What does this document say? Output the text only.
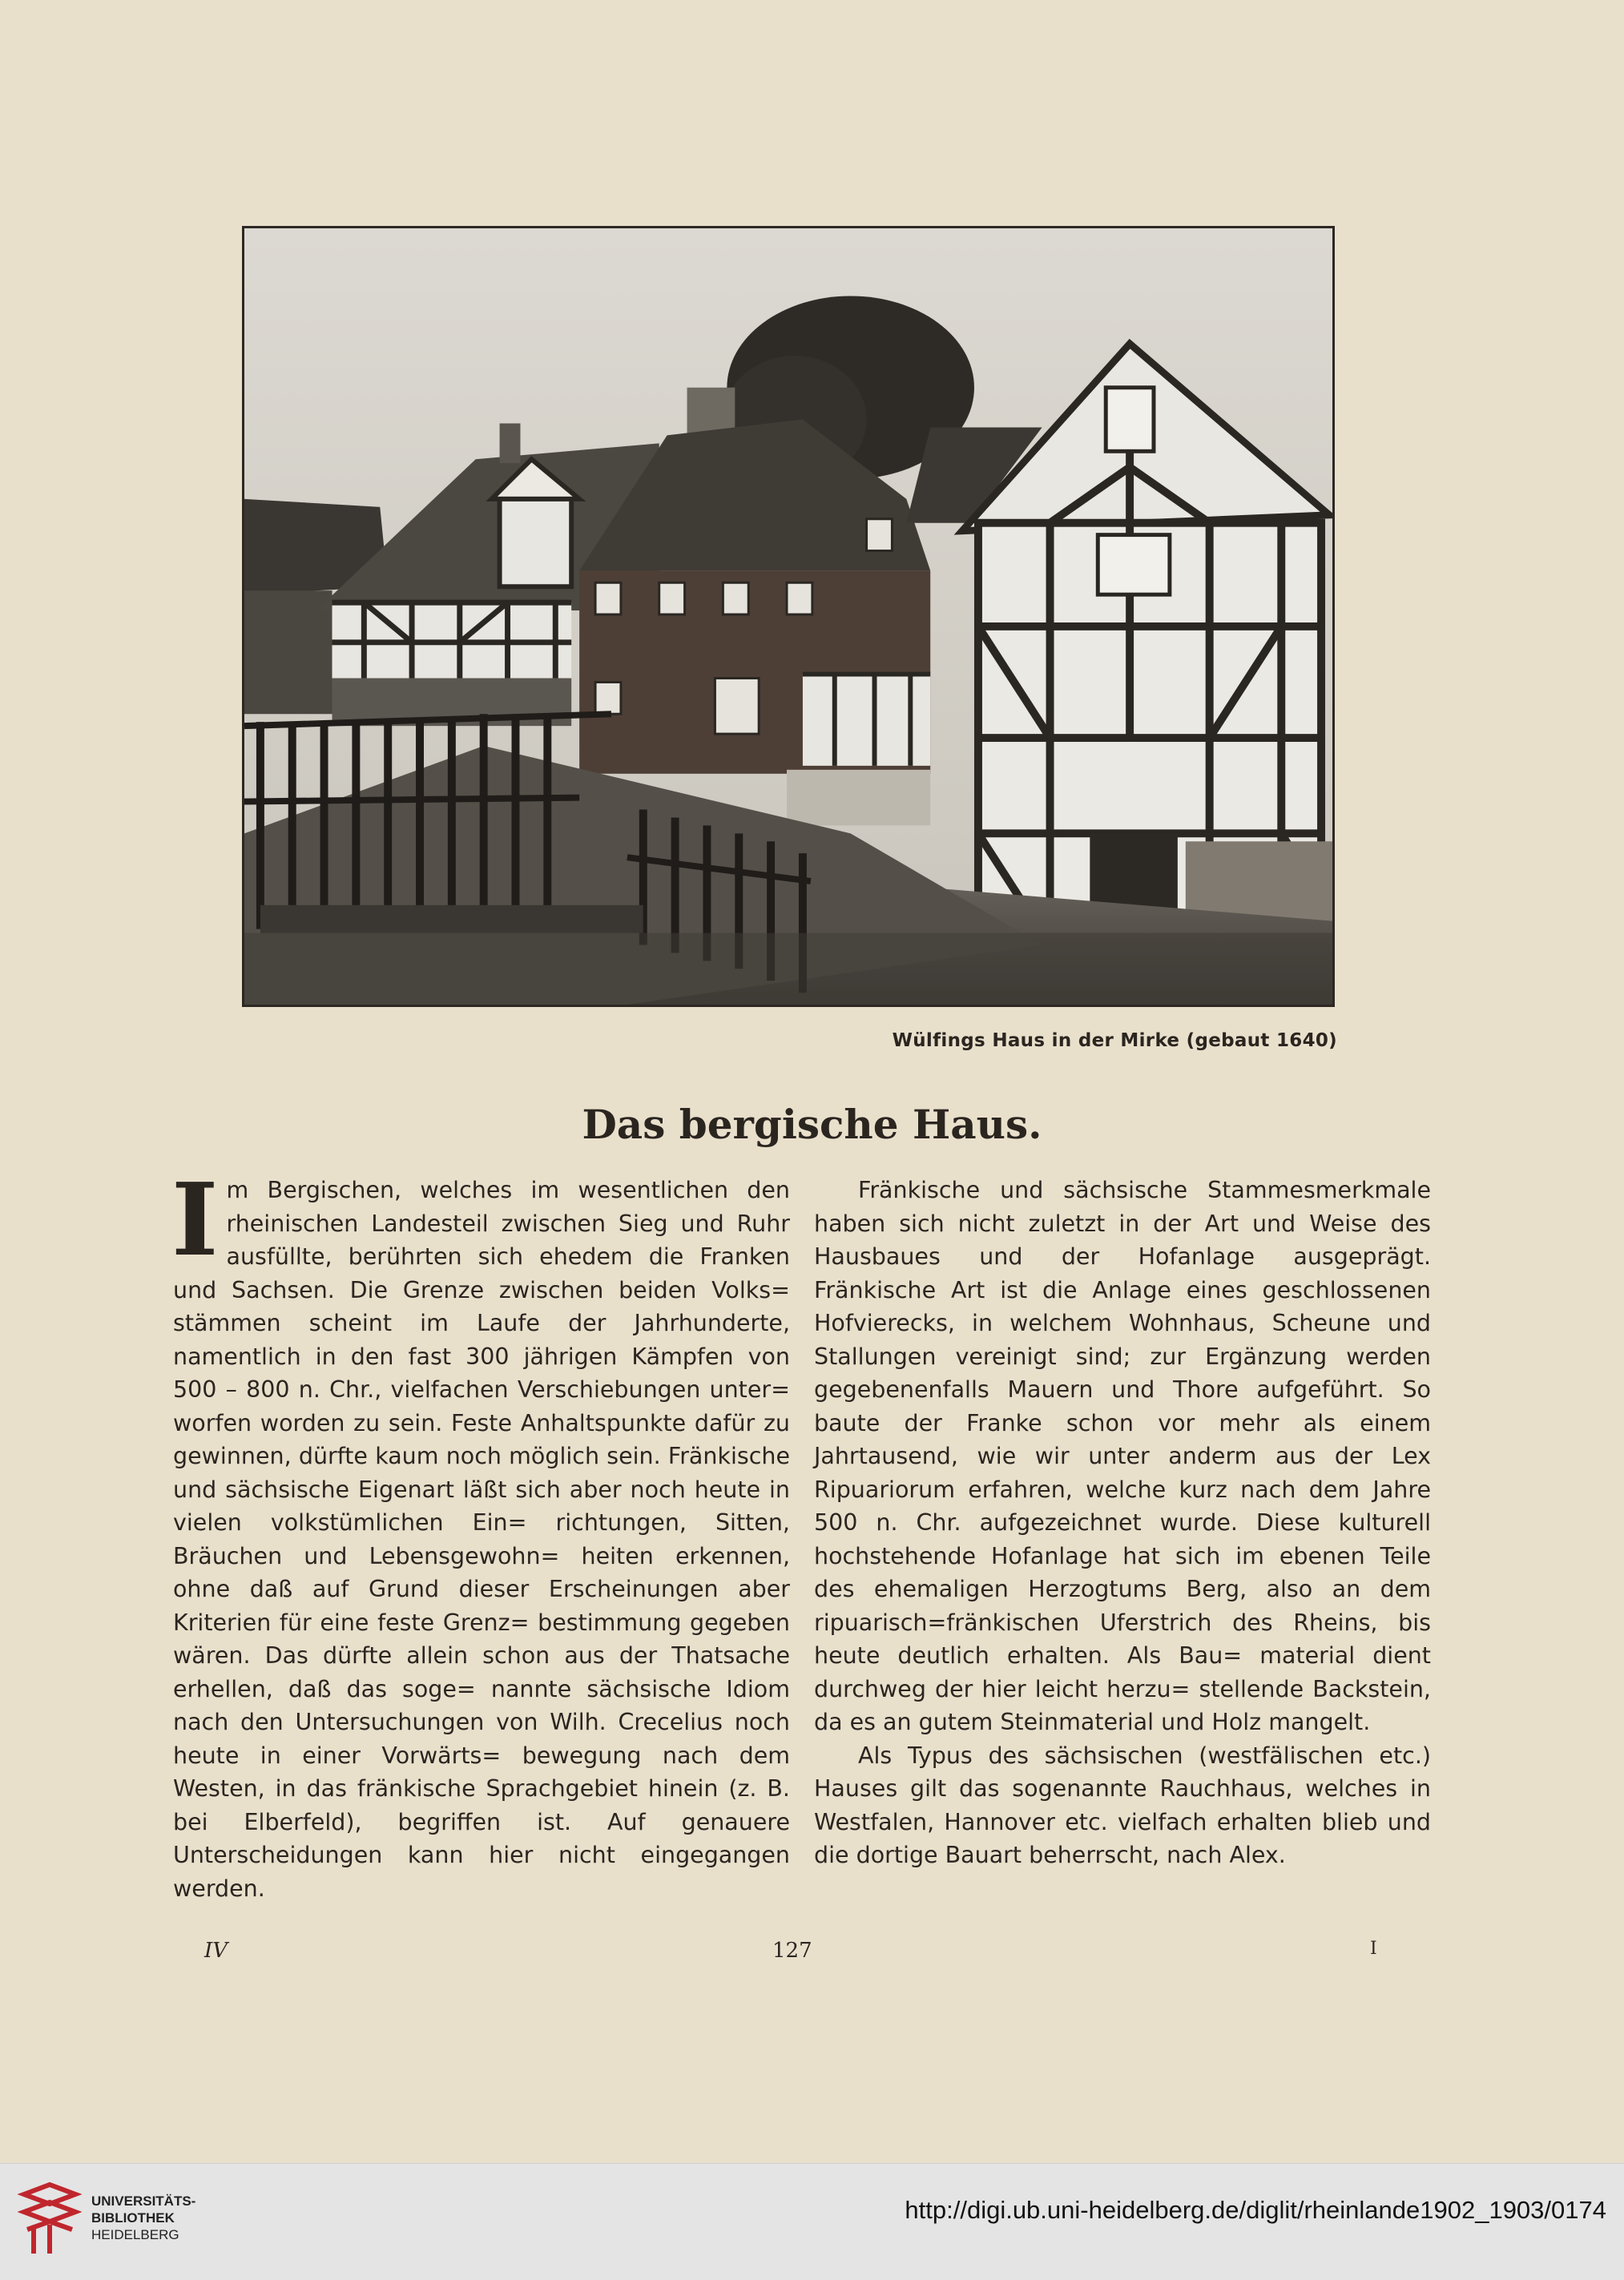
Wülfings Haus in der Mirke (gebaut 1640)
Das bergische Haus.

Im Bergischen, welches im wesentlichen den rheinischen Landesteil zwischen Sieg und Ruhr ausfüllte, berührten sich ehedem die Franken und Sachsen. Die Grenze zwischen beiden Volks= stämmen scheint im Laufe der Jahrhunderte, namentlich in den fast 300 jährigen Kämpfen von 500 – 800 n. Chr., vielfachen Verschiebungen unter= worfen worden zu sein. Feste Anhaltspunkte dafür zu gewinnen, dürfte kaum noch möglich sein. Fränkische und sächsische Eigenart läßt sich aber noch heute in vielen volkstümlichen Ein= richtungen, Sitten, Bräuchen und Lebensgewohn= heiten erkennen, ohne daß auf Grund dieser Erscheinungen aber Kriterien für eine feste Grenz= bestimmung gegeben wären. Das dürfte allein schon aus der Thatsache erhellen, daß das soge= nannte sächsische Idiom nach den Untersuchungen von Wilh. Crecelius noch heute in einer Vorwärts= bewegung nach dem Westen, in das fränkische Sprachgebiet hinein (z. B. bei Elberfeld), begriffen ist. Auf genauere Unterscheidungen kann hier nicht eingegangen werden.

Fränkische und sächsische Stammesmerkmale haben sich nicht zuletzt in der Art und Weise des Hausbaues und der Hofanlage ausgeprägt. Fränkische Art ist die Anlage eines geschlossenen Hofvierecks, in welchem Wohnhaus, Scheune und Stallungen vereinigt sind; zur Ergänzung werden gegebenenfalls Mauern und Thore aufgeführt. So baute der Franke schon vor mehr als einem Jahrtausend, wie wir unter anderm aus der Lex Ripuariorum erfahren, welche kurz nach dem Jahre 500 n. Chr. aufgezeichnet wurde. Diese kulturell hochstehende Hofanlage hat sich im ebenen Teile des ehemaligen Herzogtums Berg, also an dem ripuarisch=fränkischen Uferstrich des Rheins, bis heute deutlich erhalten. Als Bau= material dient durchweg der hier leicht herzu= stellende Backstein, da es an gutem Steinmaterial und Holz mangelt.

Als Typus des sächsischen (westfälischen etc.) Hauses gilt das sogenannte Rauchhaus, welches in Westfalen, Hannover etc. vielfach erhalten blieb und die dortige Bauart beherrscht, nach Alex.

IV	127	I
UNIVERSITÄTS-
BIBLIOTHEK
HEIDELBERG
http://digi.ub.uni-heidelberg.de/diglit/rheinlande1902_1903/0174
